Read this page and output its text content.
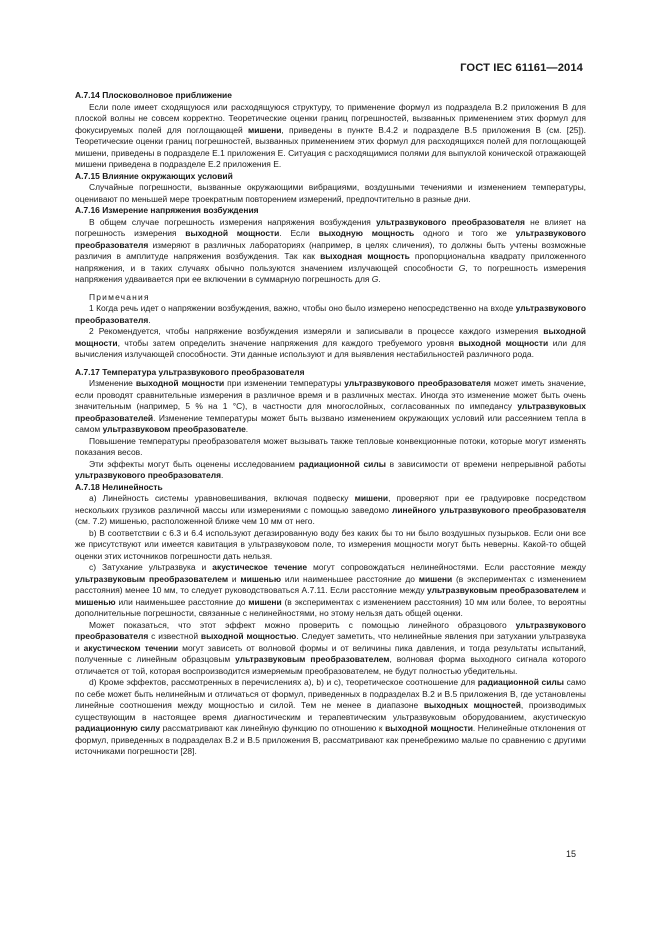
ГОСТ IEC 61161—2014

А.7.14 Плосковолновое приближение

Если поле имеет сходящуюся или расходящуюся структуру, то применение формул из подраздела В.2 приложения В для плоской волны не совсем корректно. Теоретические оценки границ погрешностей, вызванных применением этих формул для фокусируемых полей для поглощающей мишени, приведены в пункте В.4.2 и подразделе В.5 приложения В (см. [25]). Теоретические оценки границ погрешностей, вызванных применением этих формул для расходящихся полей для поглощающей мишени, приведены в подразделе Е.1 приложения Е. Ситуация с расходящимися полями для выпуклой конической отражающей мишени приведена в подразделе Е.2 приложения Е.

А.7.15 Влияние окружающих условий

Случайные погрешности, вызванные окружающими вибрациями, воздушными течениями и изменением температуры, оценивают по меньшей мере троекратным повторением измерений, предпочтительно в разные дни.

А.7.16 Измерение напряжения возбуждения

В общем случае погрешность измерения напряжения возбуждения ультразвукового преобразователя не влияет на погрешность измерения выходной мощности. Если выходную мощность одного и того же ультразвукового преобразователя измеряют в различных лабораториях (например, в целях сличения), то должны быть учтены возможные различия в амплитуде напряжения возбуждения. Так как выходная мощность пропорциональна квадрату приложенного напряжения, и в таких случаях обычно пользуются значением излучающей способности G, то погрешность измерения напряжения удваивается при ее включении в суммарную погрешность для G.

Примечания

1 Когда речь идет о напряжении возбуждения, важно, чтобы оно было измерено непосредственно на входе ультразвукового преобразователя.

2 Рекомендуется, чтобы напряжение возбуждения измеряли и записывали в процессе каждого измерения выходной мощности, чтобы затем определить значение напряжения для каждого требуемого уровня выходной мощности или для вычисления излучающей способности. Эти данные используют и для выявления нестабильностей различного рода.

А.7.17 Температура ультразвукового преобразователя

Изменение выходной мощности при изменении температуры ультразвукового преобразователя может иметь значение, если проводят сравнительные измерения в различное время и в различных местах. Иногда это изменение может быть очень значительным (например, 5 % на 1 °C), в частности для многослойных, согласованных по импедансу ультразвуковых преобразователей. Изменение температуры может быть вызвано изменением окружающих условий или рассеянием тепла в самом ультразвуковом преобразователе.

Повышение температуры преобразователя может вызывать также тепловые конвекционные потоки, которые могут изменять показания весов.

Эти эффекты могут быть оценены исследованием радиационной силы в зависимости от времени непрерывной работы ультразвукового преобразователя.

А.7.18 Нелинейность

а) Линейность системы уравновешивания, включая подвеску мишени, проверяют при ее градуировке посредством нескольких грузиков различной массы или измерениями с помощью заведомо линейного ультразвукового преобразователя (см. 7.2) мишенью, расположенной ближе чем 10 мм от него.

b) В соответствии с 6.3 и 6.4 используют дегазированную воду без каких бы то ни было воздушных пузырьков. Если они все же присутствуют или имеется кавитация в ультразвуковом поле, то измерения мощности могут быть неверны. Какой-то общей оценки этих источников погрешности дать нельзя.

с) Затухание ультразвука и акустическое течение могут сопровождаться нелинейностями. Если расстояние между ультразвуковым преобразователем и мишенью или наименьшее расстояние до мишени (в экспериментах с изменением расстояния) менее 10 мм, то следует руководствоваться А.7.11. Если расстояние между ультразвуковым преобразователем и мишенью или наименьшее расстояние до мишени (в экспериментах с изменением расстояния) 10 мм или более, то вероятны дополнительные погрешности, связанные с нелинейностями, но этому нельзя дать общей оценки.

Может показаться, что этот эффект можно проверить с помощью линейного образцового ультразвукового преобразователя с известной выходной мощностью. Следует заметить, что нелинейные явления при затухании ультразвука и акустическом течении могут зависеть от волновой формы и от величины пика давления, и тогда результаты испытаний, полученные с линейным образцовым ультразвуковым преобразователем, волновая форма выходного сигнала которого отличается от той, которая воспроизводится измеряемым преобразователем, не будут полностью убедительны.

d) Кроме эффектов, рассмотренных в перечислениях а), b) и с), теоретическое соотношение для радиационной силы само по себе может быть нелинейным и отличаться от формул, приведенных в подразделах В.2 и В.5 приложения В, где установлены линейные соотношения между мощностью и силой. Тем не менее в диапазоне выходных мощностей, производимых существующим в настоящее время диагностическим и терапевтическим ультразвуковым оборудованием, акустическую радиационную силу рассматривают как линейную функцию по отношению к выходной мощности. Нелинейные отклонения от формул, приведенных в подразделах В.2 и В.5 приложения В, рассматривают как пренебрежимо малые по сравнению с другими источниками погрешности [28].

15
